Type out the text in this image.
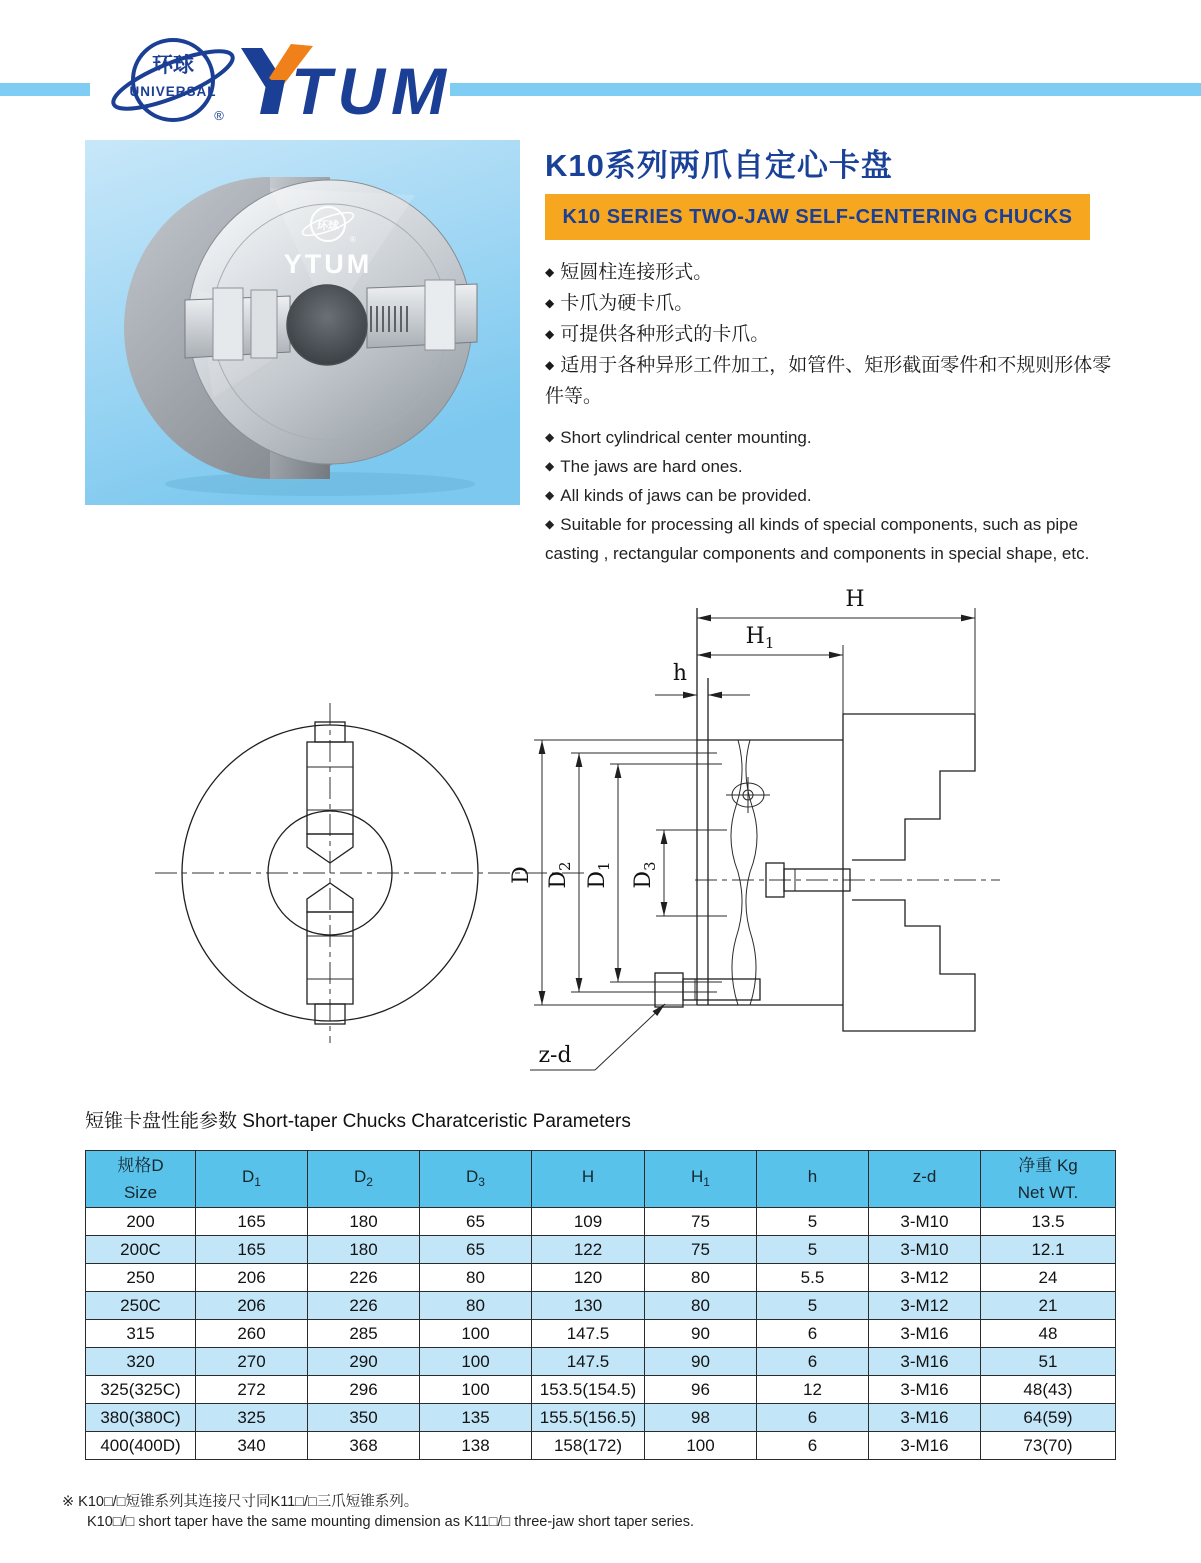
环球
UNIVERSAL
® TUM
环球
®
YTUM
K10系列两爪自定心卡盘
K10 SERIES TWO-JAW SELF-CENTERING CHUCKS
◆ 短圆柱连接形式。
◆ 卡爪为硬卡爪。
◆ 可提供各种形式的卡爪。
◆ 适用于各种异形工件加工，如管件、矩形截面零件和不规则形体零件等。
◆ Short cylindrical center mounting.
◆ The jaws are hard ones.
◆ All kinds of jaws can be provided.
◆ Suitable for processing all kinds of special components, such as pipe casting , rectangular components and components in special shape, etc.
H
$H_1$
h
D $D_2$
$D_1$
$D_3$
z-d
短锥卡盘性能参数 Short-taper Chucks Charatceristic Parameters
规格D
Size	$D_1$	$D_2$	$D_3$	H	$H_1$	h	z-d	净重 Kg
Net WT.

200	165	180	65	109	75	5	3-M10	13.5
200C	165	180	65	122	75	5	3-M10	12.1
250	206	226	80	120	80	5.5	3-M12	24
250C	206	226	80	130	80	5	3-M12	21
315	260	285	100	147.5	90	6	3-M16	48
320	270	290	100	147.5	90	6	3-M16	51
325(325C)	272	296	100	153.5(154.5)	96	12	3-M16	48(43)
380(380C)	325	350	135	155.5(156.5)	98	6	3-M16	64(59)
400(400D)	340	368	138	158(172)	100	6	3-M16	73(70)
※ K10□/□短锥系列其连接尺寸同K11□/□三爪短锥系列。
K10□/□ short taper have the same mounting dimension as K11□/□ three-jaw short taper series.
